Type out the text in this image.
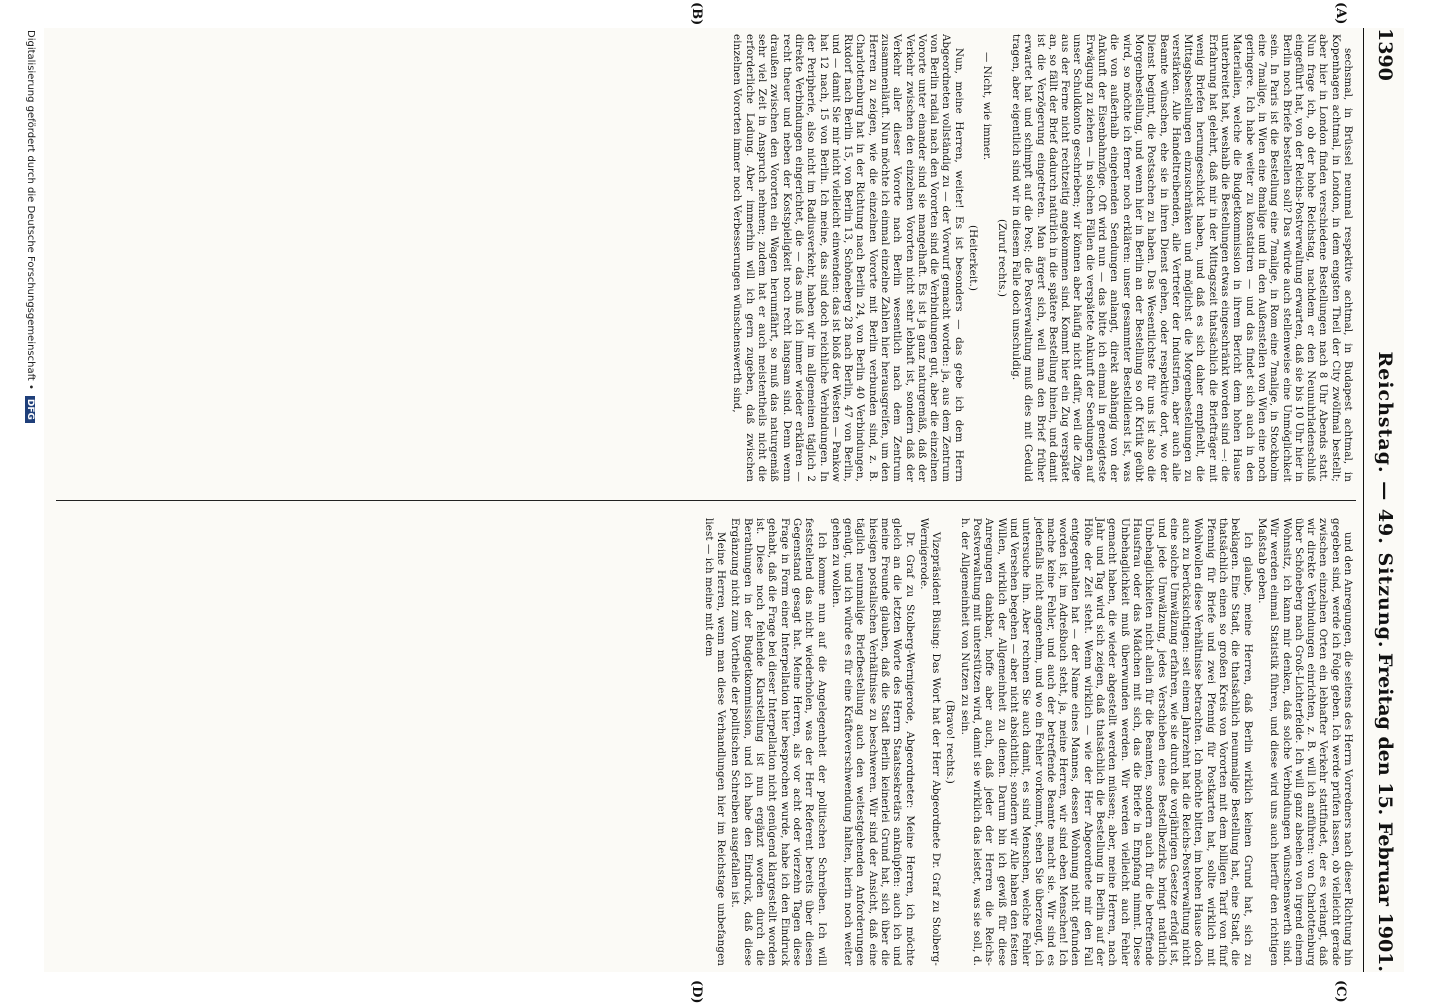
1390
Reichstag. — 49. Sitzung.
Freitag den 15. Februar 1901.
(A)
(B)
(C)
(D)

sechsmal, in Brüssel neunmal respektive achtmal, in Budapest achtmal, in Kopenhagen achtmal, in London, in dem engsten Theil der City zwölfmal bestellt; aber hier in London finden verschiedene Bestellungen nach 8 Uhr Abends statt. Nun frage ich, ob der hohe Reichstag, nachdem er den Neunuhrladenschluß eingeführt hat, von der Reichs-Postverwaltung erwarten, daß sie bis 10 Uhr hier in Berlin noch Briefe bestellen soll? Das würde auch stellenweise eine Unmöglichkeit sein. In Paris ist die Bestellung eine 7malige, in Rom eine 7malige, in Stockholm eine 7malige, in Wien eine 8malige und in den Außenstellen von Wien eine noch geringere. Ich habe weiter zu konstatiren — und das findet sich auch in den Materialien, welche die Budgetkommission in ihrem Bericht dem hohen Hause unterbreitet hat, weshalb die Bestellungen etwas eingeschränkt worden sind —: die Erfahrung hat gelehrt, daß mir in der Mittagszeit thatsächlich die Briefträger mit wenig Briefen herumgeschickt haben, und daß es sich daher empfiehlt, die Mittagsbestellungen einzuschränken und möglichst die Morgenbestellungen zu verstärken. Alle Handeltreibenden, alle Vertreter der Industrien, aber auch alle Beamte wünschen, ehe sie in ihren Dienst gehen, oder respektive dort, wo der Dienst beginnt, die Postsachen zu haben. Das Wesentlichste für uns ist also die Morgenbestellung, und wenn hier in Berlin an der Bestellung so oft Kritik geübt wird, so möchte ich ferner noch erklären: unser gesammter Bestelldienst ist, was die von außerhalb eingehenden Sendungen anlangt, direkt abhängig von der Ankunft der Eisenbahnzüge. Oft wird nun — das bitte ich einmal in geneigteste Erwägung zu ziehen — in solchen Fällen die verspätete Ankunft der Sendungen auf unser Schuldkonto geschrieben; wir können aber häufig nicht dafür, weil die Züge aus der Ferne nicht rechtzeitig angekommen sind. Kommt hier ein Zug verspätet an, so fällt der Brief dadurch natürlich in die spätere Bestellung hinein, und damit ist die Verzögerung eingetreten. Man ärgert sich, weil man den Brief früher erwartet hat und schimpft auf die Post; die Postverwaltung muß dies mit Geduld tragen, aber eigentlich sind wir in diesem Falle doch unschuldig.

(Zuruf rechts.)

— Nicht, wie immer.

(Heiterkeit.)

Nun, meine Herren, weiter! Es ist besonders — das gebe ich dem Herrn Abgeordneten vollständig zu — der Vorwurf gemacht worden: ja, aus dem Zentrum von Berlin radial nach den Vororten sind die Verbindungen gut, aber die einzelnen Vororte unter einander sind sie mangelhaft. Es ist ja ganz naturgemäß, daß der Verkehr zwischen den einzelnen Vororten nicht sehr lebhaft ist, sondern daß der Verkehr aller dieser Vororte nach Berlin wesentlich nach dem Zentrum zusammenläuft. Nun möchte ich einmal einzelne Zahlen hier herausgreifen, um den Herren zu zeigen, wie die einzelnen Vororte mit Berlin verbunden sind, z. B. Charlottenburg hat in der Richtung nach Berlin 24, von Berlin 40 Verbindungen, Rixdorf nach Berlin 15, von Berlin 13, Schöneberg 28 nach Berlin, 47 von Berlin, und — damit Sie mir nicht vielleicht einwenden: das ist bloß der Westen — Pankow hat 12 nach, 15 von Berlin. Ich meine, das sind doch reichliche Verbindungen. In der Peripherie, also nicht im Radiusverkehr, haben wir im allgemeinen täglich 2 direkte Verbindungen eingerichtet, die — das muß ich immer wieder erklären — recht theuer und neben der Kostspieligkeit noch recht langsam sind. Denn wenn draußen zwischen den Vororten ein Wagen herumfährt, so muß das naturgemäß sehr viel Zeit in Anspruch nehmen; zudem hat er auch meistentheils nicht die erforderliche Ladung. Aber immerhin will ich gern zugeben, daß zwischen einzelnen Vororten immer noch Verbesserungen wünschenswerth sind,

und den Anregungen, die seitens des Herrn Vorredners nach dieser Richtung hin gegeben sind, werde ich Folge geben. Ich werde prüfen lassen, ob vielleicht gerade zwischen einzelnen Orten ein lebhafter Verkehr stattfindet, der es verlangt, daß wir direkte Verbindungen einrichten, z. B. will ich anführen: von Charlottenburg über Schöneberg nach Groß-Lichterfelde. Ich will ganz absehen von irgend einem Wohnsitz, ich kann mir denken, daß solche Verbindungen wünschenswerth sind. Wir werden einmal Statistik führen, und diese wird uns auch hierfür den richtigen Maßstab geben.

Ich glaube, meine Herren, daß Berlin wirklich keinen Grund hat, sich zu beklagen. Eine Stadt, die thatsächlich neunmalige Bestellung hat, eine Stadt, die thatsächlich einen so großen Kreis von Vororten mit dem billigen Tarif von fünf Pfennig für Briefe und zwei Pfennig für Postkarten hat, sollte wirklich mit Wohlwollen diese Verhältnisse betrachten. Ich möchte bitten, im hohen Hause doch auch zu berücksichtigen: seit einem Jahrzehnt hat die Reichs-Postverwaltung nicht eine solche Umwälzung erfahren, wie sie durch die vorjährigen Gesetze erfolgt ist, und jede Umwälzung, jedes Verschieben eines Bestellbezirks bringt natürlich Unbehaglichkeiten nicht allein für die Beamten, sondern auch für die betreffende Hausfrau oder das Mädchen mit sich, das die Briefe in Empfang nimmt. Diese Unbehaglichkeit muß überwunden werden. Wir werden vielleicht auch Fehler gemacht haben, die wieder abgestellt werden müssen; aber, meine Herren, nach Jahr und Tag wird sich zeigen, daß thatsächlich die Bestellung in Berlin auf der Höhe der Zeit steht. Wenn wirklich — wie der Herr Abgeordnete mir den Fall entgegenhalten hat — der Name eines Mannes, dessen Wohnung nicht gefunden worden ist, im Adreßbuch steht, ja, meine Herren, wir sind eben Menschen! Ich mache keine Fehler, und auch der betreffende Beamte macht sie. Wir sind es jedenfalls nicht angenehm, und wo ein Fehler vorkommt, sehen Sie überzeugt, ich untersuche ihn. Aber rechnen Sie auch damit, es sind Menschen, welche Fehler und Versehen begehen — aber nicht absichtlich; sondern wir Alle haben den festen Willen, wirklich der Allgemeinheit zu dienen. Darum bin ich gewiß für diese Anregungen dankbar, hoffe aber auch, daß jeder der Herren die Reichs-Postverwaltung mit unterstützen wird, damit sie wirklich das leistet, was sie soll, d. h. der Allgemeinheit von Nutzen zu sein.

(Bravo! rechts.)

Vizepräsident Büsing: Das Wort hat der Herr Abgeordnete Dr. Graf zu Stolberg-Wernigerode.

Dr. Graf zu Stolberg-Wernigerode, Abgeordneter: Meine Herren, ich möchte gleich an die letzten Worte des Herrn Staatssekretärs anknüpfen: auch ich und meine Freunde glauben, daß die Stadt Berlin keinerlei Grund hat, sich über die hiesigen postalischen Verhältnisse zu beschweren. Wir sind der Ansicht, daß eine täglich neunmalige Briefbestellung auch den weitestgehenden Anforderungen genügt, und ich würde es für eine Kräfteverschwendung halten, hierin noch weiter gehen zu wollen.

Ich komme nun auf die Angelegenheit der politischen Schreiben. Ich will feststellend das nicht wiederholen, was der Herr Referent bereits über diesen Gegenstand gesagt hat. Meine Herren, als vor acht oder vierzehn Tagen diese Frage in Form einer Interpellation hier besprochen wurde, habe ich den Eindruck gehabt, daß die Frage bei dieser Interpellation nicht genügend klargestellt worden ist. Diese noch fehlende Klarstellung ist nun ergänzt worden durch die Berathungen in der Budgetkommission, und ich habe den Eindruck, daß diese Ergänzung nicht zum Vortheile der politischen Schreiben ausgefallen ist.

Meine Herren, wenn man diese Verhandlungen hier im Reichstage unbefangen liest — ich meine mit dem

Digitalisierung gefördert durch die Deutsche Forschungsgemeinschaft •DFG
